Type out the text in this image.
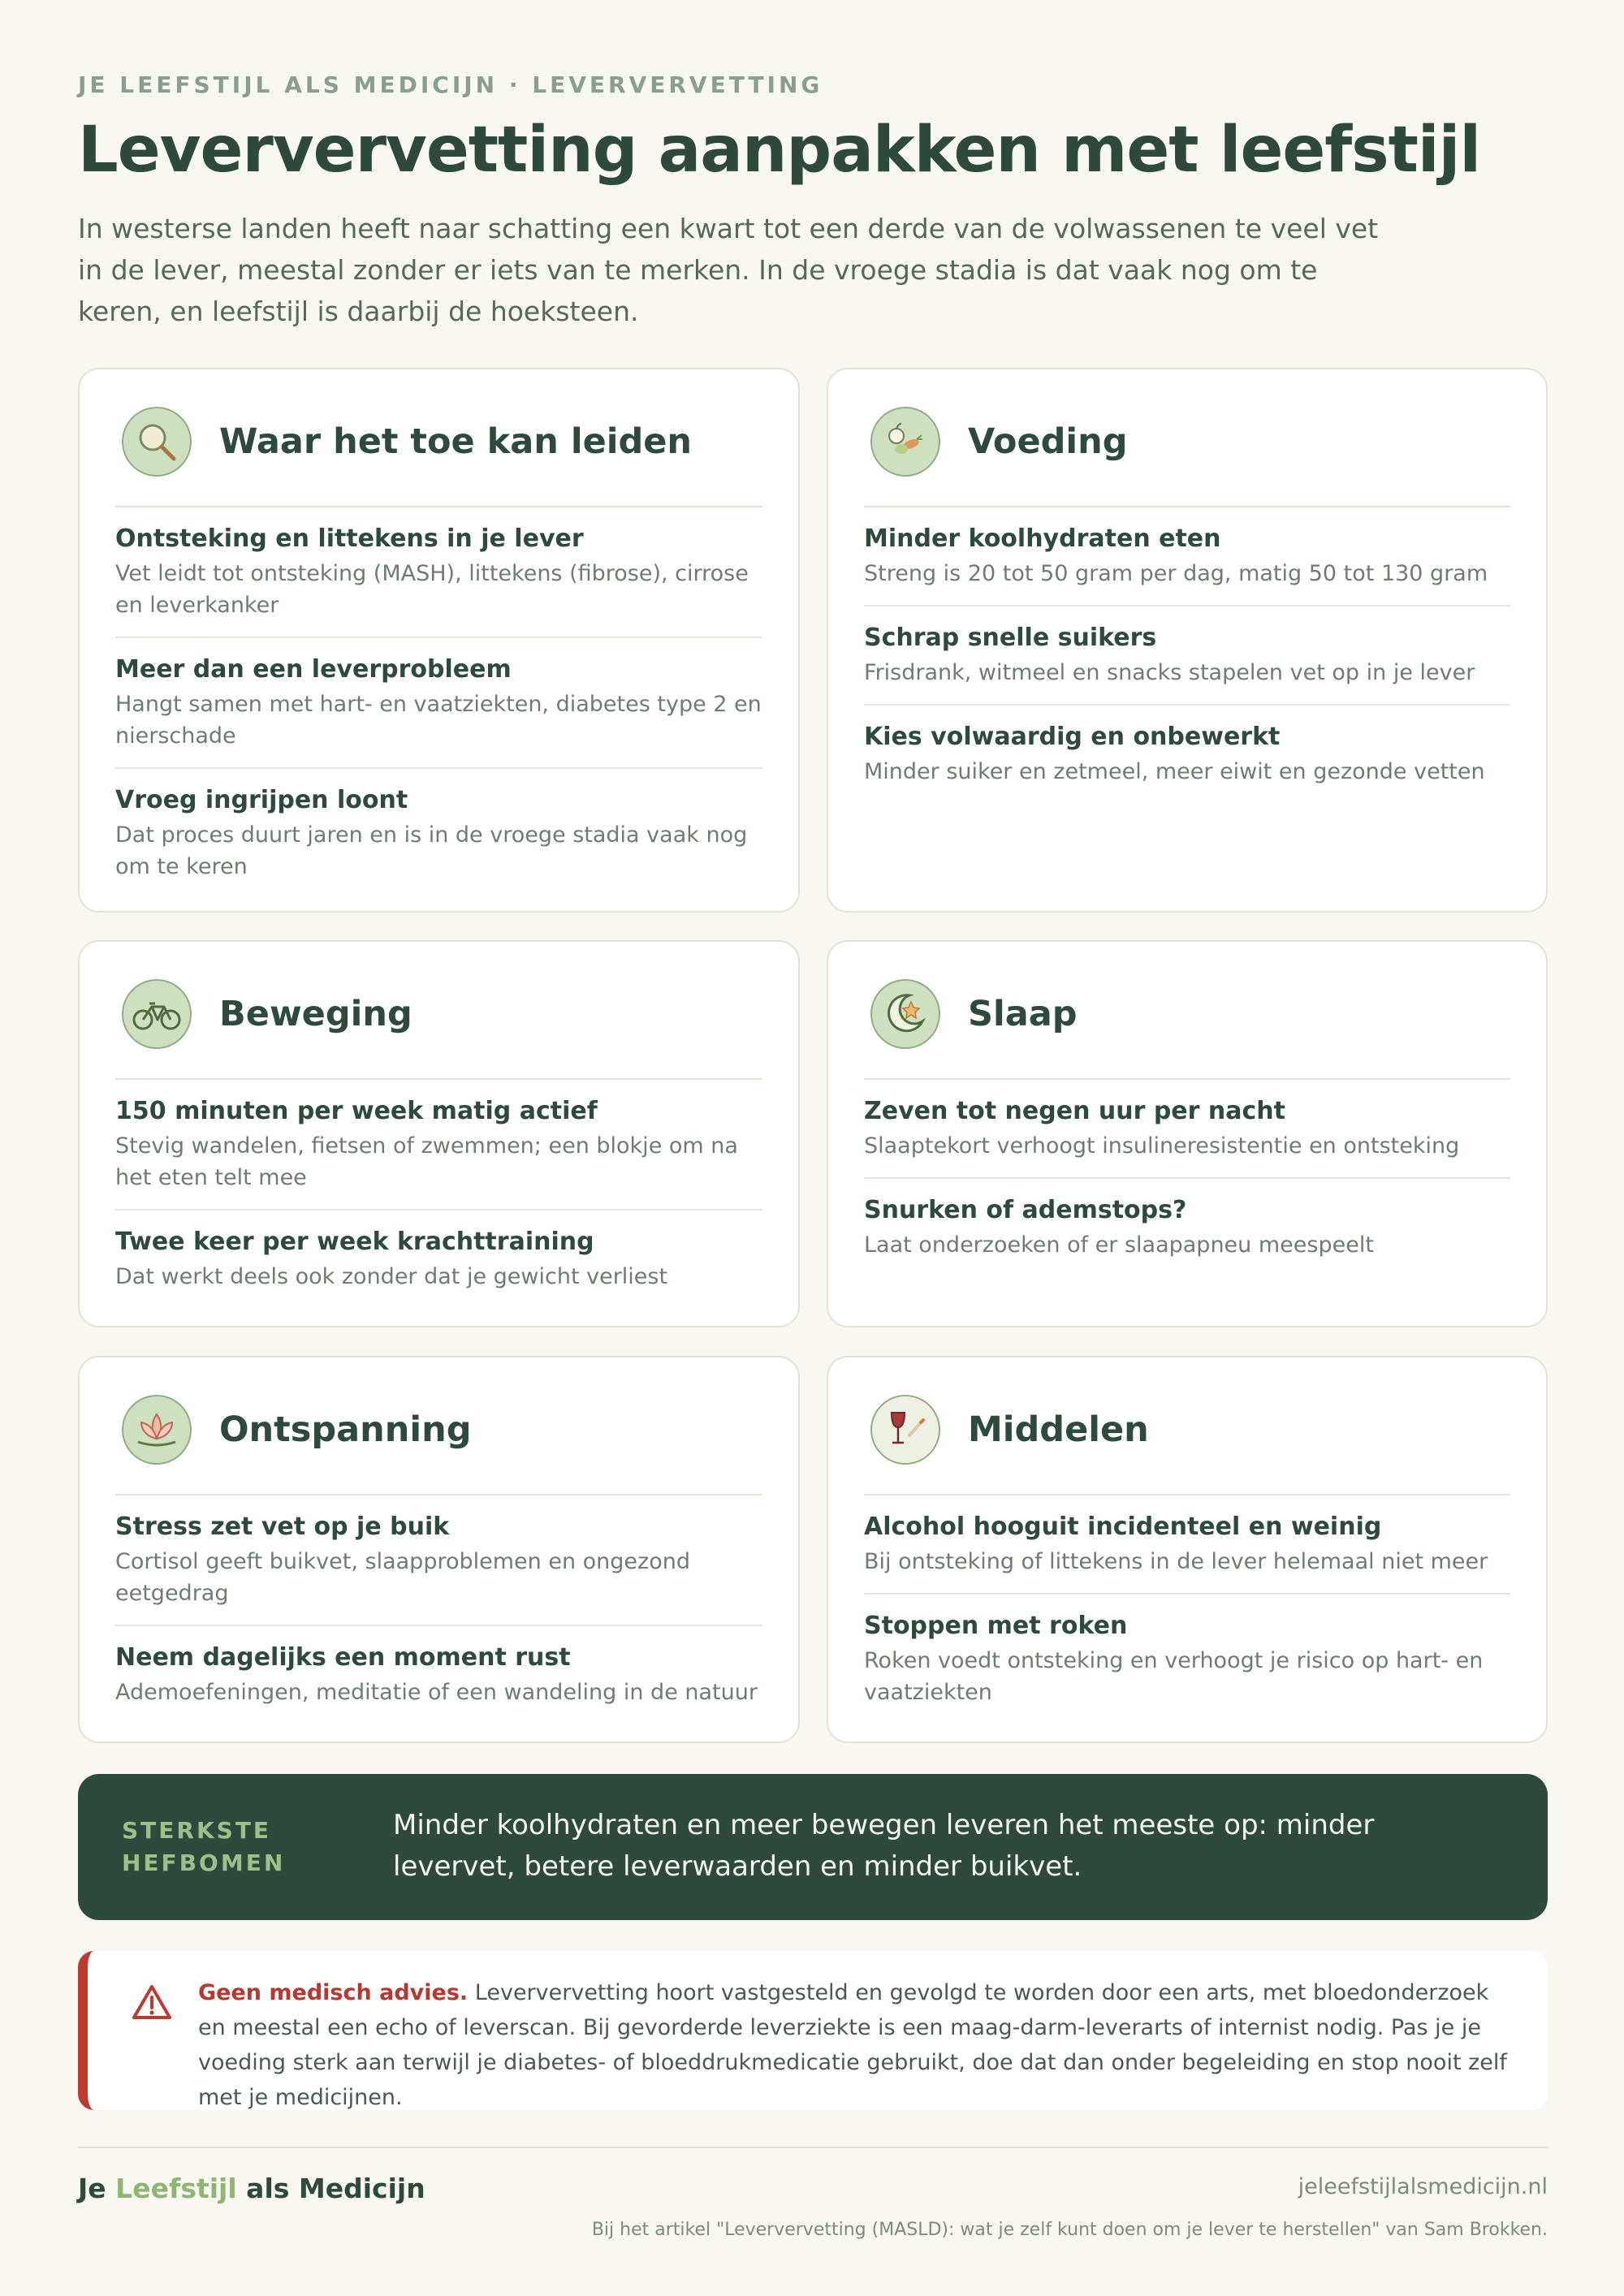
JE LEEFSTIJL ALS MEDICIJN · LEVERVERVETTING
Leververvetting aanpakken met leefstijl

In westerse landen heeft naar schatting een kwart tot een derde van de volwassenen te veel vet in de lever, meestal zonder er iets van te merken. In de vroege stadia is dat vaak nog om te keren, en leefstijl is daarbij de hoeksteen.

Waar het toe kan leiden
Ontsteking en littekens in je lever
Vet leidt tot ontsteking (MASH), littekens (fibrose), cirrose en leverkanker
Meer dan een leverprobleem
Hangt samen met hart- en vaatziekten, diabetes type 2 en nierschade
Vroeg ingrijpen loont
Dat proces duurt jaren en is in de vroege stadia vaak nog om te keren
Voeding
Minder koolhydraten eten
Streng is 20 tot 50 gram per dag, matig 50 tot 130 gram
Schrap snelle suikers
Frisdrank, witmeel en snacks stapelen vet op in je lever
Kies volwaardig en onbewerkt
Minder suiker en zetmeel, meer eiwit en gezonde vetten
Beweging
150 minuten per week matig actief
Stevig wandelen, fietsen of zwemmen; een blokje om na het eten telt mee
Twee keer per week krachttraining
Dat werkt deels ook zonder dat je gewicht verliest
Slaap
Zeven tot negen uur per nacht
Slaaptekort verhoogt insulineresistentie en ontsteking
Snurken of ademstops?
Laat onderzoeken of er slaapapneu meespeelt
Ontspanning
Stress zet vet op je buik
Cortisol geeft buikvet, slaapproblemen en ongezond eetgedrag
Neem dagelijks een moment rust
Ademoefeningen, meditatie of een wandeling in de natuur
Middelen
Alcohol hooguit incidenteel en weinig
Bij ontsteking of littekens in de lever helemaal niet meer
Stoppen met roken
Roken voedt ontsteking en verhoogt je risico op hart- en vaatziekten
STERKSTE HEFBOMEN
Minder koolhydraten en meer bewegen leveren het meeste op: minder levervet, betere leverwaarden en minder buikvet.
Geen medisch advies. Leververvetting hoort vastgesteld en gevolgd te worden door een arts, met bloedonderzoek en meestal een echo of leverscan. Bij gevorderde leverziekte is een maag-darm-leverarts of internist nodig. Pas je je voeding sterk aan terwijl je diabetes- of bloeddrukmedicatie gebruikt, doe dat dan onder begeleiding en stop nooit zelf met je medicijnen.
Je Leefstijl als Medicijn	jeleefstijlalsmedicijn.nl
Bij het artikel "Leververvetting (MASLD): wat je zelf kunt doen om je lever te herstellen" van Sam Brokken.
